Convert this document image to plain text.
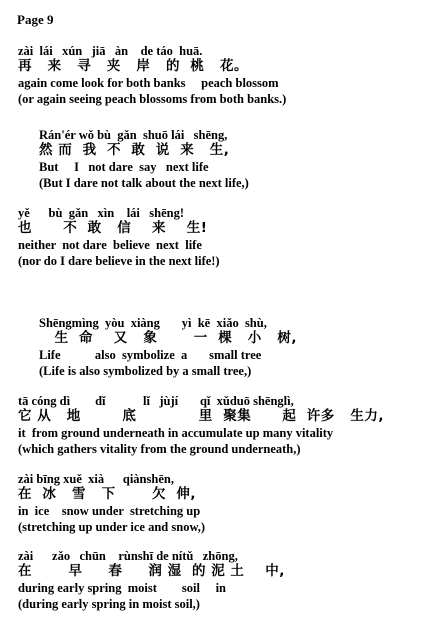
Page 9
zài  lái   xún   jiā   àn    de táo  huā.
再   来   寻   夹   岸   的  桃   花。
again come look for both banks     peach blossom
(or again seeing peach blossoms from both banks.)
Rán'ér wǒ bù  gǎn  shuō lái   shēng,
然 而  我  不  敢  说  来   生,
But     I   not dare  say   next life
(But I dare not talk about the next life,)
yě      bù  gǎn   xìn    lái   shēng!
也      不  敢   信    来    生!
neither  not dare  believe  next  life
(nor do I dare believe in the next life!)
Shēngmìng  yòu  xiàng       yì  kē  xiǎo  shù,
生  命    又   象       一  棵   小   树,
Life           also  symbolize  a       small tree
(Life is also symbolized by a small tree,)
tā cóng dì        dǐ            lǐ   jùjí       qǐ  xǔduō shēnglì,
它 从   地        底            里  聚集      起  许多   生力,
it  from ground underneath in accumulate up many vitality
(which gathers vitality from the ground underneath,)
zài bīng xuě  xià      qiànshēn,
在  冰   雪   下       欠  伸,
in  ice    snow under  stretching up
(stretching up under ice and snow,)
zài      zǎo   chūn    rùnshī de nítǔ   zhōng,
在       早     春     润 湿  的 泥 土    中,
during early spring  moist        soil     in
(during early spring in moist soil,)
